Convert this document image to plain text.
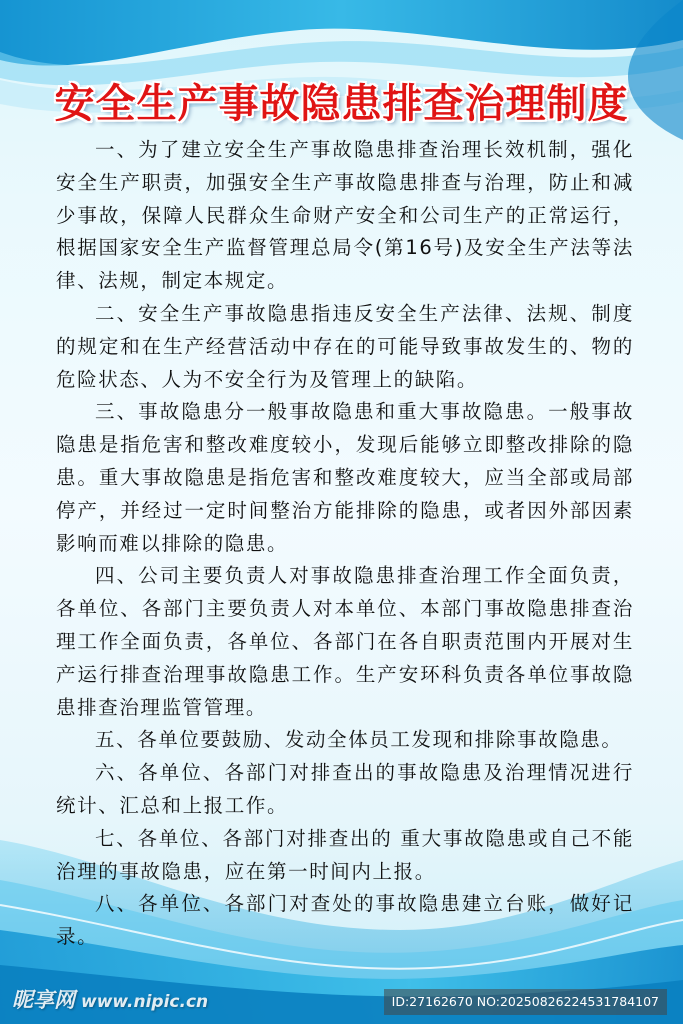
安全生产事故隐患排查治理制度

一、为了建立安全生产事故隐患排查治理长效机制，强化安全生产职责，加强安全生产事故隐患排查与治理，防止和减少事故，保障人民群众生命财产安全和公司生产的正常运行，根据国家安全生产监督管理总局令(第16号)及安全生产法等法律、法规，制定本规定。

二、安全生产事故隐患指违反安全生产法律、法规、制度的规定和在生产经营活动中存在的可能导致事故发生的、物的危险状态、人为不安全行为及管理上的缺陷。

三、事故隐患分一般事故隐患和重大事故隐患。一般事故隐患是指危害和整改难度较小，发现后能够立即整改排除的隐患。重大事故隐患是指危害和整改难度较大，应当全部或局部停产，并经过一定时间整治方能排除的隐患，或者因外部因素影响而难以排除的隐患。

四、公司主要负责人对事故隐患排查治理工作全面负责，各单位、各部门主要负责人对本单位、本部门事故隐患排查治理工作全面负责，各单位、各部门在各自职责范围内开展对生产运行排查治理事故隐患工作。生产安环科负责各单位事故隐患排查治理监管管理。

五、各单位要鼓励、发动全体员工发现和排除事故隐患。

六、各单位、各部门对排查出的事故隐患及治理情况进行统计、汇总和上报工作。

七、各单位、各部门对排查出的 重大事故隐患或自己不能治理的事故隐患，应在第一时间内上报。

八、各单位、各部门对查处的事故隐患建立台账，做好记录。

昵享网 www.nipic.cn	ID:27162670 NO:20250826224531784107
